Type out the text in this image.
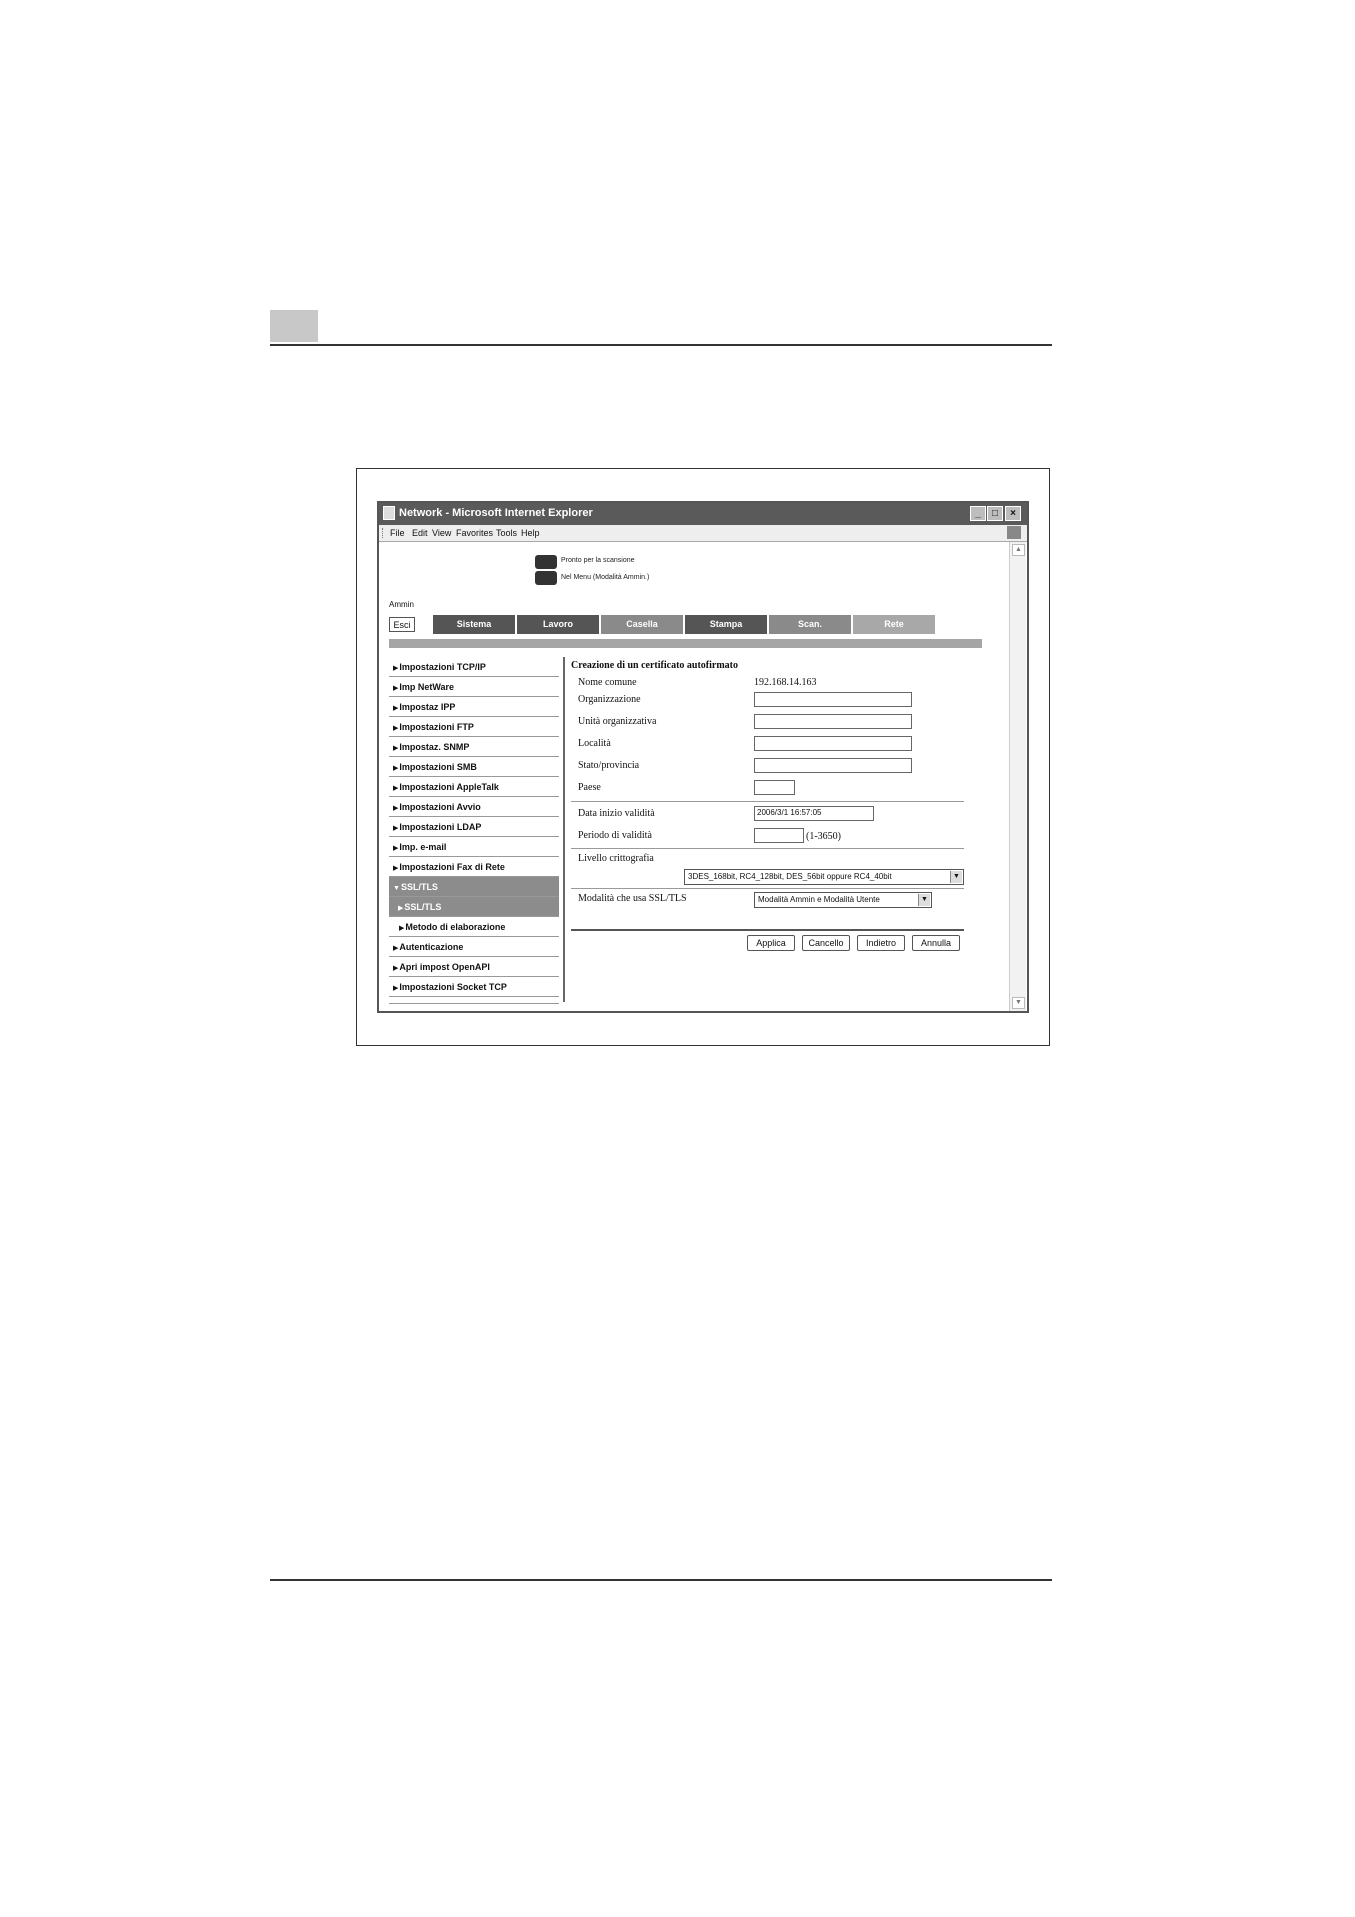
Network - Microsoft Internet Explorer	_	□	×
File Edit View Favorites Tools Help
Pronto per la scansione
Nel Menu (Modalità Ammin.)
Ammin
Esci	Sistema	Lavoro	Casella	Stampa	Scan.	Rete
▶Impostazioni TCP/IP
▶Imp NetWare
▶Impostaz IPP
▶Impostazioni FTP
▶Impostaz. SNMP
▶Impostazioni SMB
▶Impostazioni AppleTalk
▶Impostazioni Avvio
▶Impostazioni LDAP
▶Imp. e-mail
▶Impostazioni Fax di Rete
▼SSL/TLS
▶SSL/TLS
▶Metodo di elaborazione
▶Autenticazione
▶Apri impost OpenAPI
▶Impostazioni Socket TCP
Creazione di un certificato autofirmato
Nome comune	192.168.14.163
Organizzazione
Unità organizzativa
Località
Stato/provincia
Paese
Data inizio validità	2006/3/1 16:57:05
Periodo di validità	(1-3650)
Livello crittografia
3DES_168bit, RC4_128bit, DES_56bit oppure RC4_40bit	▼
Modalità che usa SSL/TLS	Modalità Ammin e Modalità Utente	▼
Applica	Cancello	Indietro	Annulla
▲
▼
